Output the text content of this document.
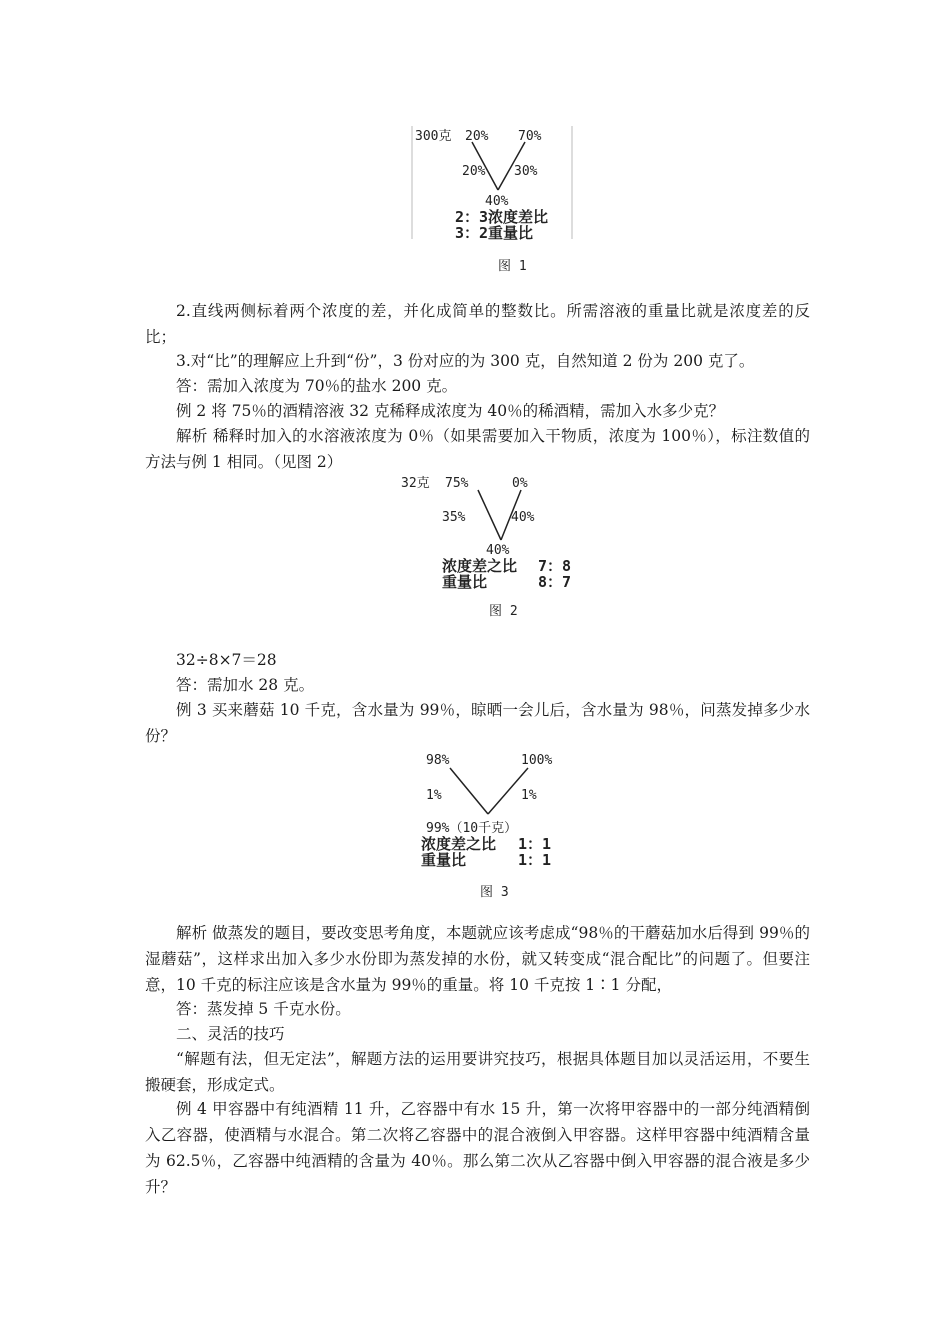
300克 20% 70%
20% 30%
40%
2：3浓度差比
3：2重量比
图 1

2.直线两侧标着两个浓度的差，并化成简单的整数比。所需溶液的重量比就是浓度差的反比；

3.对“比”的理解应上升到“份”，3 份对应的为 300 克，自然知道 2 份为 200 克了。

答：需加入浓度为 70％的盐水 200 克。

例 2 将 75％的酒精溶液 32 克稀释成浓度为 40％的稀酒精，需加入水多少克？

解析 稀释时加入的水溶液浓度为 0％（如果需要加入干物质，浓度为 100％），标注数值的方法与例 1 相同。（见图 2）

32克 75%	0%
35%	40%
40%
浓度差之比 7：8
重量比	8：7
图 2

32÷8×7＝28

答：需加水 28 克。

例 3 买来蘑菇 10 千克，含水量为 99％，晾晒一会儿后，含水量为 98％，问蒸发掉多少水份？

98%	100%
1%	1%
99%（10千克）
浓度差之比 1：1
重量比	1：1
图 3

解析 做蒸发的题目，要改变思考角度，本题就应该考虑成“98％的干蘑菇加水后得到 99％的湿蘑菇”，这样求出加入多少水份即为蒸发掉的水份，就又转变成“混合配比”的问题了。但要注意，10 千克的标注应该是含水量为 99％的重量。将 10 千克按 1∶1 分配，

答：蒸发掉 5 千克水份。

二、灵活的技巧

“解题有法，但无定法”，解题方法的运用要讲究技巧，根据具体题目加以灵活运用，不要生搬硬套，形成定式。

例 4 甲容器中有纯酒精 11 升，乙容器中有水 15 升，第一次将甲容器中的一部分纯酒精倒入乙容器，使酒精与水混合。第二次将乙容器中的混合液倒入甲容器。这样甲容器中纯酒精含量为 62.5％，乙容器中纯酒精的含量为 40％。那么第二次从乙容器中倒入甲容器的混合液是多少升？
